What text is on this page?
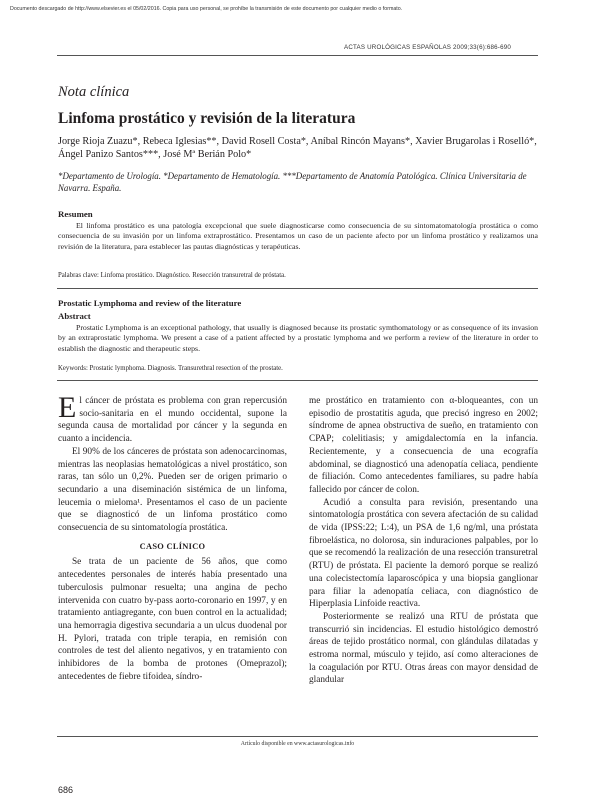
Documento descargado de http://www.elsevier.es el 05/02/2016. Copia para uso personal, se prohíbe la transmisión de este documento por cualquier medio o formato.
ACTAS UROLÓGICAS ESPAÑOLAS 2009;33(6):686-690
Nota clínica
Linfoma prostático y revisión de la literatura
Jorge Rioja Zuazu*, Rebeca Iglesias**, David Rosell Costa*, Aníbal Rincón Mayans*, Xavier Brugarolas i Roselló*, Ángel Panizo Santos***, José Mª Berián Polo*
*Departamento de Urología. *Departamento de Hematología. ***Departamento de Anatomía Patológica. Clínica Universitaria de Navarra. España.
Resumen
El linfoma prostático es una patología excepcional que suele diagnosticarse como consecuencia de su sintomatomatología prostática o como consecuencia de su invasión por un linfoma extraprostático. Presentamos un caso de un paciente afecto por un linfoma prostático y realizamos una revisión de la literatura, para establecer las pautas diagnósticas y terapéuticas.
Palabras clave: Linfoma prostático. Diagnóstico. Resección transuretral de próstata.
Prostatic Lymphoma and review of the literature
Abstract
Prostatic Lymphoma is an exceptional pathology, that usually is diagnosed because its prostatic symthomatology or as consequence of its invasion by an extraprostatic lymphoma. We present a case of a patient affected by a prostatic lymphoma and we perform a review of the literature in order to establish the diagnostic and therapeutic steps.
Keywords: Prostatic lymphoma. Diagnosis. Transurethral resection of the prostate.

El cáncer de próstata es problema con gran repercusión socio-sanitaria en el mundo occidental, supone la segunda causa de mortalidad por cáncer y la segunda en cuanto a incidencia.

El 90% de los cánceres de próstata son adenocarcinomas, mientras las neoplasias hematológicas a nivel prostático, son raras, tan sólo un 0,2%. Pueden ser de origen primario o secundario a una diseminación sistémica de un linfoma, leucemia o mieloma¹. Presentamos el caso de un paciente que se diagnosticó de un linfoma prostático como consecuencia de su sintomatología prostática.

CASO CLÍNICO

Se trata de un paciente de 56 años, que como antecedentes personales de interés había presentado una tuberculosis pulmonar resuelta; una angina de pecho intervenida con cuatro by-pass aorto-coronario en 1997, y en tratamiento antiagregante, con buen control en la actualidad; una hemorragia digestiva secundaria a un ulcus duodenal por H. Pylori, tratada con triple terapia, en remisión con controles de test del aliento negativos, y en tratamiento con inhibidores de la bomba de protones (Omeprazol); antecedentes de fiebre tifoidea, síndro-

me prostático en tratamiento con α-bloqueantes, con un episodio de prostatitis aguda, que precisó ingreso en 2002; síndrome de apnea obstructiva de sueño, en tratamiento con CPAP; colelitiasis; y amigdalectomía en la infancia. Recientemente, y a consecuencia de una ecografía abdominal, se diagnosticó una adenopatía celiaca, pendiente de filiación. Como antecedentes familiares, su padre había fallecido por cáncer de colon.

Acudió a consulta para revisión, presentando una sintomatología prostática con severa afectación de su calidad de vida (IPSS:22; L:4), un PSA de 1,6 ng/ml, una próstata fibroelástica, no dolorosa, sin induraciones palpables, por lo que se recomendó la realización de una resección transuretral (RTU) de próstata. El paciente la demoró porque se realizó una colecistectomía laparoscópica y una biopsia ganglionar para filiar la adenopatía celiaca, con diagnóstico de Hiperplasia Linfoide reactiva.

Posteriormente se realizó una RTU de próstata que transcurrió sin incidencias. El estudio histológico demostró áreas de tejido prostático normal, con glándulas dilatadas y estroma normal, músculo y tejido, así como alteraciones de la coagulación por RTU. Otras áreas con mayor densidad de glandular

Artículo disponible en www.actasurologicas.info
686
